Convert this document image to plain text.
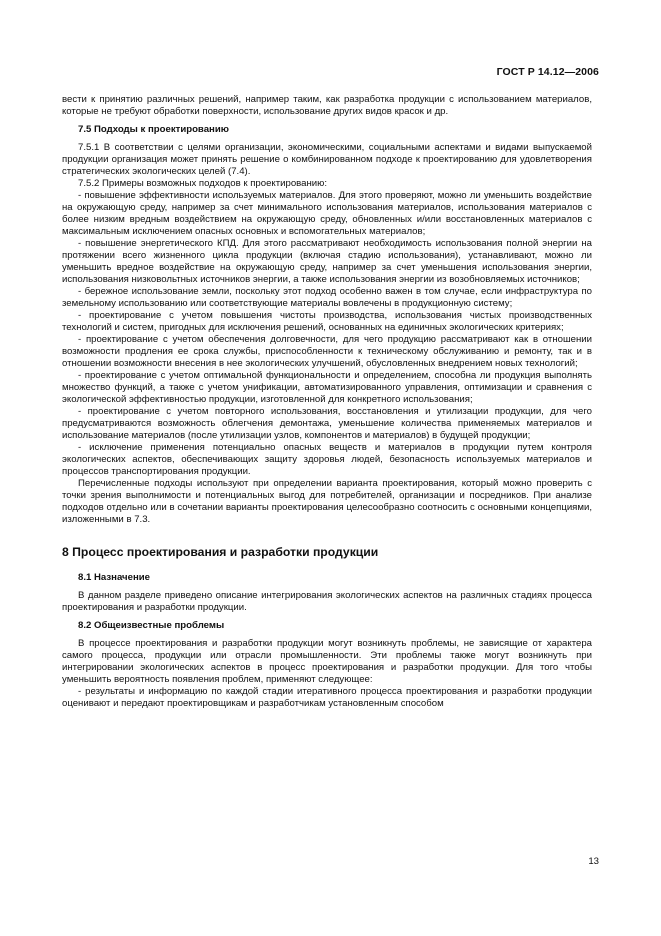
ГОСТ Р 14.12—2006

вести к принятию различных решений, например таким, как разработка продукции с использованием материалов, которые не требуют обработки поверхности, использование других видов красок и др.

7.5 Подходы к проектированию

7.5.1 В соответствии с целями организации, экономическими, социальными аспектами и видами выпускаемой продукции организация может принять решение о комбинированном подходе к проектированию для удовлетворения стратегических экологических целей (7.4).

7.5.2 Примеры возможных подходов к проектированию:

- повышение эффективности используемых материалов. Для этого проверяют, можно ли уменьшить воздействие на окружающую среду, например за счет минимального использования материалов, использования материалов с более низким вредным воздействием на окружающую среду, обновленных и/или восстановленных материалов с максимальным исключением опасных основных и вспомогательных материалов;

- повышение энергетического КПД. Для этого рассматривают необходимость использования полной энергии на протяжении всего жизненного цикла продукции (включая стадию использования), устанавливают, можно ли уменьшить вредное воздействие на окружающую среду, например за счет уменьшения использования энергии, использования низковольтных источников энергии, а также использования энергии из возобновляемых источников;

- бережное использование земли, поскольку этот подход особенно важен в том случае, если инфраструктура по земельному использованию или соответствующие материалы вовлечены в продукционную систему;

- проектирование с учетом повышения чистоты производства, использования чистых производственных технологий и систем, пригодных для исключения решений, основанных на единичных экологических критериях;

- проектирование с учетом обеспечения долговечности, для чего продукцию рассматривают как в отношении возможности продления ее срока службы, приспособленности к техническому обслуживанию и ремонту, так и в отношении возможности внесения в нее экологических улучшений, обусловленных внедрением новых технологий;

- проектирование с учетом оптимальной функциональности и определением, способна ли продукция выполнять множество функций, а также с учетом унификации, автоматизированного управления, оптимизации и сравнения с экологической эффективностью продукции, изготовленной для конкретного использования;

- проектирование с учетом повторного использования, восстановления и утилизации продукции, для чего предусматриваются возможность облегчения демонтажа, уменьшение количества применяемых материалов и использование материалов (после утилизации узлов, компонентов и материалов) в будущей продукции;

- исключение применения потенциально опасных веществ и материалов в продукции путем контроля экологических аспектов, обеспечивающих защиту здоровья людей, безопасность используемых материалов и процессов транспортирования продукции.

Перечисленные подходы используют при определении варианта проектирования, который можно проверить с точки зрения выполнимости и потенциальных выгод для потребителей, организации и посредников. При анализе подходов отдельно или в сочетании варианты проектирования целесообразно соотносить с основными концепциями, изложенными в 7.3.

8 Процесс проектирования и разработки продукции

8.1 Назначение

В данном разделе приведено описание интегрирования экологических аспектов на различных стадиях процесса проектирования и разработки продукции.

8.2 Общеизвестные проблемы

В процессе проектирования и разработки продукции могут возникнуть проблемы, не зависящие от характера самого процесса, продукции или отрасли промышленности. Эти проблемы также могут возникнуть при интегрировании экологических аспектов в процесс проектирования и разработки продукции. Для того чтобы уменьшить вероятность появления проблем, применяют следующее:

- результаты и информацию по каждой стадии итеративного процесса проектирования и разработки продукции оценивают и передают проектировщикам и разработчикам установленным способом

13
